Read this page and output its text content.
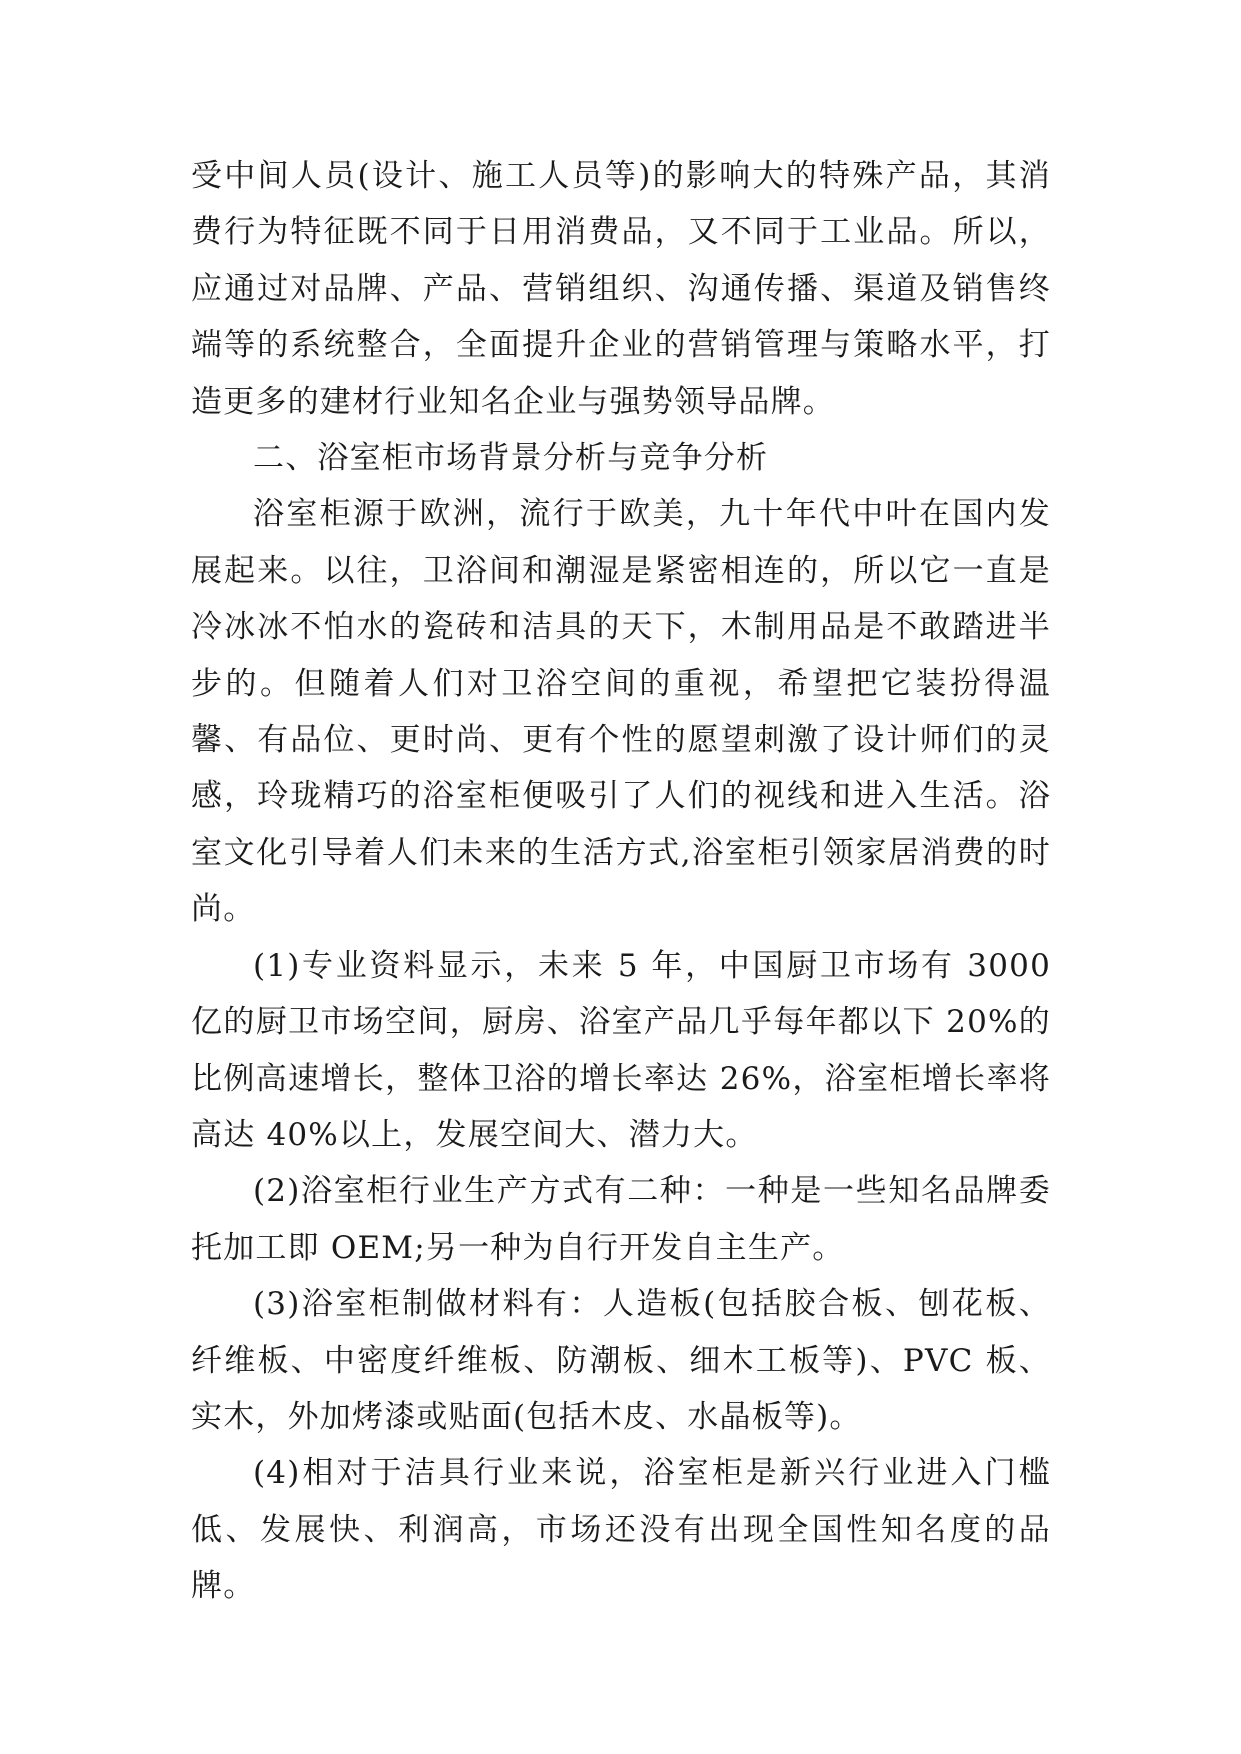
受中间人员(设计、施工人员等)的影响大的特殊产品，其消费行为特征既不同于日用消费品，又不同于工业品。所以，应通过对品牌、产品、营销组织、沟通传播、渠道及销售终端等的系统整合，全面提升企业的营销管理与策略水平，打造更多的建材行业知名企业与强势领导品牌。

二、浴室柜市场背景分析与竞争分析

浴室柜源于欧洲，流行于欧美，九十年代中叶在国内发展起来。以往，卫浴间和潮湿是紧密相连的，所以它一直是冷冰冰不怕水的瓷砖和洁具的天下，木制用品是不敢踏进半步的。但随着人们对卫浴空间的重视，希望把它装扮得温馨、有品位、更时尚、更有个性的愿望刺激了设计师们的灵感，玲珑精巧的浴室柜便吸引了人们的视线和进入生活。浴室文化引导着人们未来的生活方式,浴室柜引领家居消费的时尚。

(1)专业资料显示，未来 5 年，中国厨卫市场有 3000 亿的厨卫市场空间，厨房、浴室产品几乎每年都以下 20%的比例高速增长，整体卫浴的增长率达 26%，浴室柜增长率将高达 40%以上，发展空间大、潜力大。

(2)浴室柜行业生产方式有二种：一种是一些知名品牌委托加工即 OEM;另一种为自行开发自主生产。

(3)浴室柜制做材料有：人造板(包括胶合板、刨花板、纤维板、中密度纤维板、防潮板、细木工板等)、PVC 板、实木，外加烤漆或贴面(包括木皮、水晶板等)。

(4)相对于洁具行业来说，浴室柜是新兴行业进入门槛低、发展快、利润高，市场还没有出现全国性知名度的品牌。
